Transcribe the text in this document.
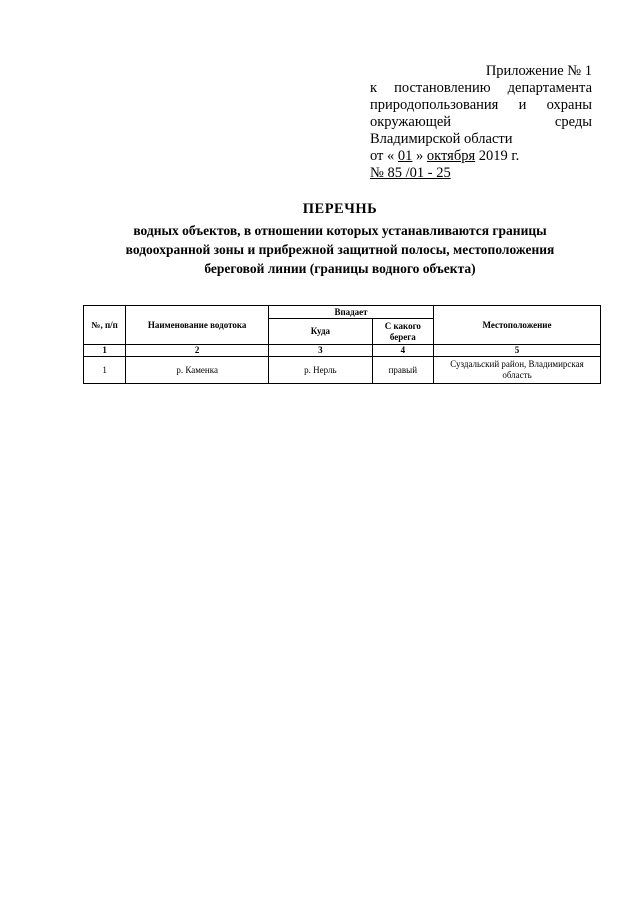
Приложение № 1
к постановлению департамента
природопользования и охраны
окружающей среды
Владимирской области
от « 01 » октября 2019 г.
№ 85 /01 - 25
ПЕРЕЧНЬ
водных объектов, в отношении которых устанавливаются границы водоохранной зоны и прибрежной защитной полосы, местоположения береговой линии (границы водного объекта)
№, п/п	Наименование водотока	Впадает		Местоположение
		Куда	С какого берега	
1	2	3	4	5
1	р. Каменка	р. Нерль	правый	Суздальский район, Владимирская область
